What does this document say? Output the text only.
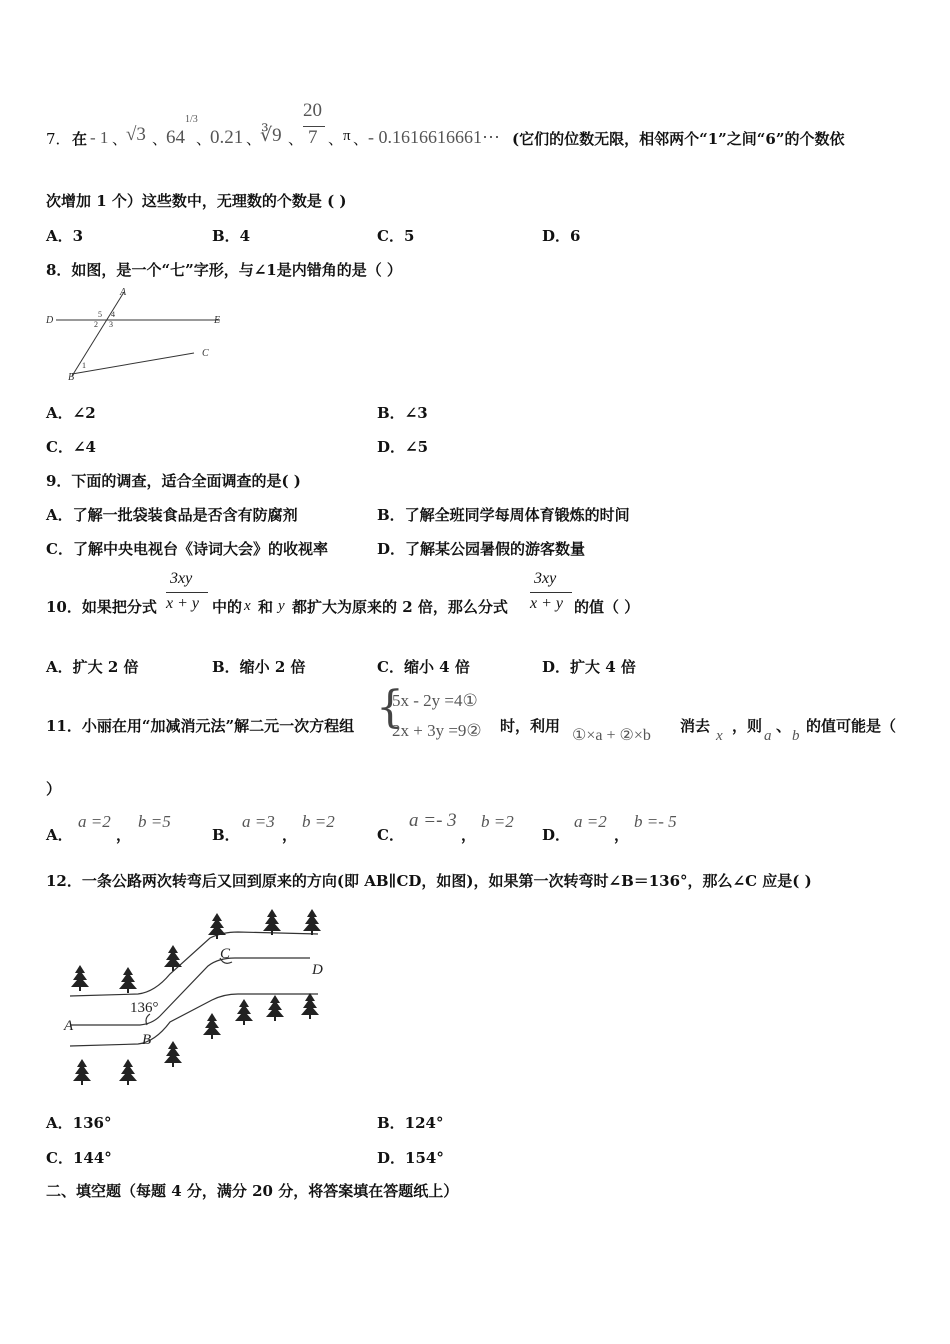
7． 在 - 1 、
√3 、
64
1/3
、
0.21 、
∛9 、
20
7 、 π 、 - 0.1616616661⋯ (它们的位数无限，相邻两个“1”之间“6”的个数依
次增加 1 个）这些数中，无理数的个数是 ( )
A．3	B．4	C．5	D．6
8．如图，是一个“七”字形，与∠1是内错角的是（ ）
A
D	E
C
B
5 4
2 3
1
A．∠2	B．∠3
C．∠4	D．∠5
9．下面的调查，适合全面调查的是( )
A．了解一批袋装食品是否含有防腐剂	B．了解全班同学每周体育锻炼的时间
C．了解中央电视台《诗词大会》的收视率	D．了解某公园暑假的游客数量
10．如果把分式
3xy
x + y 中的 x 和 y 都扩大为原来的 2 倍，那么分式
3xy
x + y 的值（ ）
A．扩大 2 倍	B．缩小 2 倍	C．缩小 4 倍	D．扩大 4 倍
11．小丽在用“加减消元法”解二元一次方程组 {
5x - 2y =4①
2x + 3y =9② 时，利用
①×a + ②×b
消去
x
，则
a
、
b
的值可能是（
）
A．
a =2
，
b =5
B．
a =3
，
b =2
C．
a =- 3
，
b =2
D．
a =2
，
b =- 5
12．一条公路两次转弯后又回到原来的方向(即 AB∥CD，如图)，如果第一次转弯时∠B＝136°，那么∠C 应是( )
A
B
C
D
136°
A．136°	B．124°
C．144°	D．154°
二、填空题（每题 4 分，满分 20 分，将答案填在答题纸上）
